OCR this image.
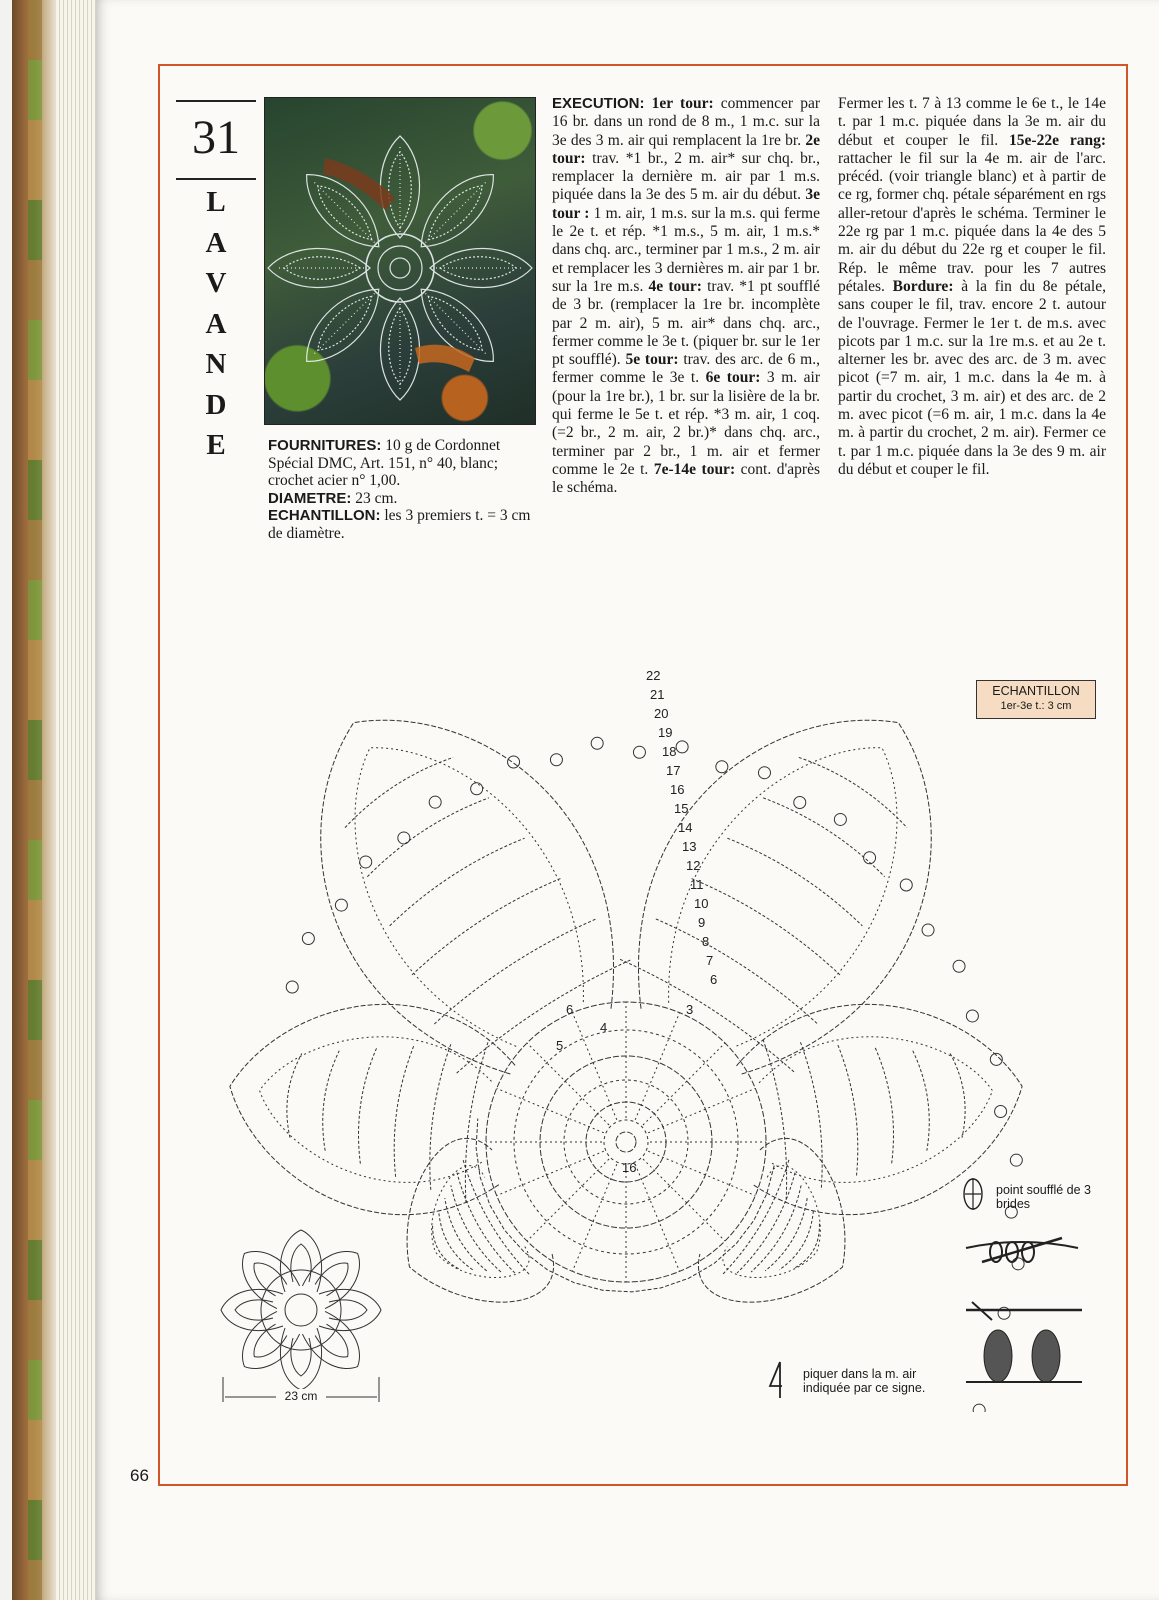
31
L
A
V
A
N
D
E	FOURNITURES: 10 g de Cordonnet Spécial DMC, Art. 151, n° 40, blanc; crochet acier n° 1,00.

DIAMETRE: 23 cm.

ECHANTILLON: les 3 premiers t. = 3 cm de diamètre.

EXECUTION: 1er tour: commencer par 16 br. dans un rond de 8 m., 1 m.c. sur la 3e des 3 m. air qui remplacent la 1re br. 2e tour: trav. *1 br., 2 m. air* sur chq. br., remplacer la dernière m. air par 1 m.s. piquée dans la 3e des 5 m. air du début. 3e tour : 1 m. air, 1 m.s. sur la m.s. qui ferme le 2e t. et rép. *1 m.s., 5 m. air, 1 m.s.* dans chq. arc., terminer par 1 m.s., 2 m. air et remplacer les 3 dernières m. air par 1 br. sur la 1re m.s. 4e tour: trav. *1 pt soufflé de 3 br. (remplacer la 1re br. incomplète par 2 m. air), 5 m. air* dans chq. arc., fermer comme le 3e t. (piquer br. sur le 1er pt soufflé). 5e tour: trav. des arc. de 6 m., fermer comme le 3e t. 6e tour: 3 m. air (pour la 1re br.), 1 br. sur la lisière de la br. qui ferme le 5e t. et rép. *3 m. air, 1 coq. (=2 br., 2 m. air, 2 br.)* dans chq. arc., terminer par 2 br., 1 m. air et fermer comme le 2e t. 7e-14e tour: cont. d'après le schéma.
Fermer les t. 7 à 13 comme le 6e t., le 14e t. par 1 m.c. piquée dans la 3e m. air du début et couper le fil. 15e-22e rang: rattacher le fil sur la 4e m. air de l'arc. précéd. (voir triangle blanc) et à partir de ce rg, former chq. pétale séparément en rgs aller-retour d'après le schéma. Terminer le 22e rg par 1 m.c. piquée dans la 4e des 5 m. air du début du 22e rg et couper le fil. Rép. le même trav. pour les 7 autres pétales. Bordure: à la fin du 8e pétale, sans couper le fil, trav. encore 2 t. autour de l'ouvrage. Fermer le 1er t. de m.s. avec picots par 1 m.c. sur la 1re m.s. et au 2e t. alterner les br. avec des arc. de 3 m. avec picot (=7 m. air, 1 m.c. dans la 4e m. à partir du crochet, 3 m. air) et des arc. de 2 m. avec picot (=6 m. air, 1 m.c. dans la 4e m. à partir du crochet, 2 m. air). Fermer ce t. par 1 m.c. piquée dans la 3e des 9 m. air du début et couper le fil.
6
7
8
9
10
11
12
13
14
15
16
17
18
19
20
21
22
16
4
5
6	3
ECHANTILLON
1er-3e t.: 3 cm
point soufflé de 3 brides
piquer dans la m. air indiquée par ce signe.
23 cm
66
